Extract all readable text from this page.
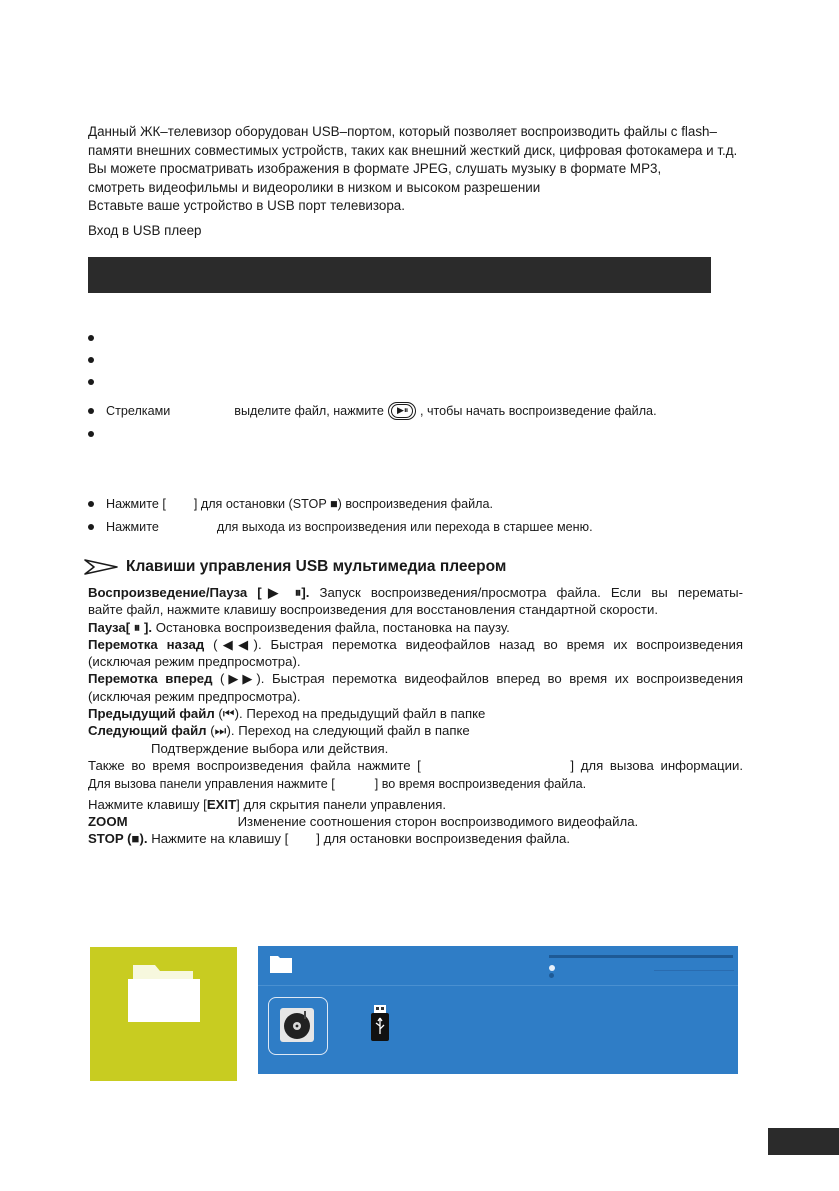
Данный ЖК–телевизор оборудован USB–портом, который позволяет воспроизводить файлы с flash–

памяти внешних совместимых устройств, таких как внешний жесткий диск, цифровая фотокамера и т.д.

Вы можете просматривать изображения в формате JPEG, слушать музыку в формате MP3,

смотреть видеофильмы и видеоролики в низком и высоком разрешении

Вставьте ваше устройство в USB порт телевизора.

Вход в USB плеер

Стрелками	выделите файл, нажмите ▶⏸ , чтобы начать воспроизведение файла.
Нажмите [ ] для остановки (STOP ■) воспроизведения файла.
Нажмите	для выхода из воспроизведения или перехода в старшее меню.
Клавиши управления USB мультимедиа плеером

Воспроизведение/Пауза [▶ ⏸]. Запуск воспроизведения/просмотра файла. Если вы перематы-

вайте файл, нажмите клавишу воспроизведения для восстановления стандартной скорости.

Пауза[ ⏸ ]. Остановка воспроизведения файла, постановка на паузу.

Перемотка назад (◀◀). Быстрая перемотка видеофайлов назад во время их воспроизведения

(исключая режим предпросмотра).

Перемотка вперед (▶▶). Быстрая перемотка видеофайлов вперед во время их воспроизведения

(исключая режим предпросмотра).

Предыдущий файл (⏮). Переход на предыдущий файл в папке

Следующий файл (⏭). Переход на следующий файл в папке

Подтверждение выбора или действия.

Также во время воспроизведения файла нажмите [	] для вызова информации.

Для вызова панели управления нажмите [	] во время воспроизведения файла.

Нажмите клавишу [EXIT] для скрытия панели управления.

ZOOM	Изменение соотношения сторон воспроизводимого видеофайла.

STOP (■). Нажмите на клавишу [ ] для остановки воспроизведения файла.
